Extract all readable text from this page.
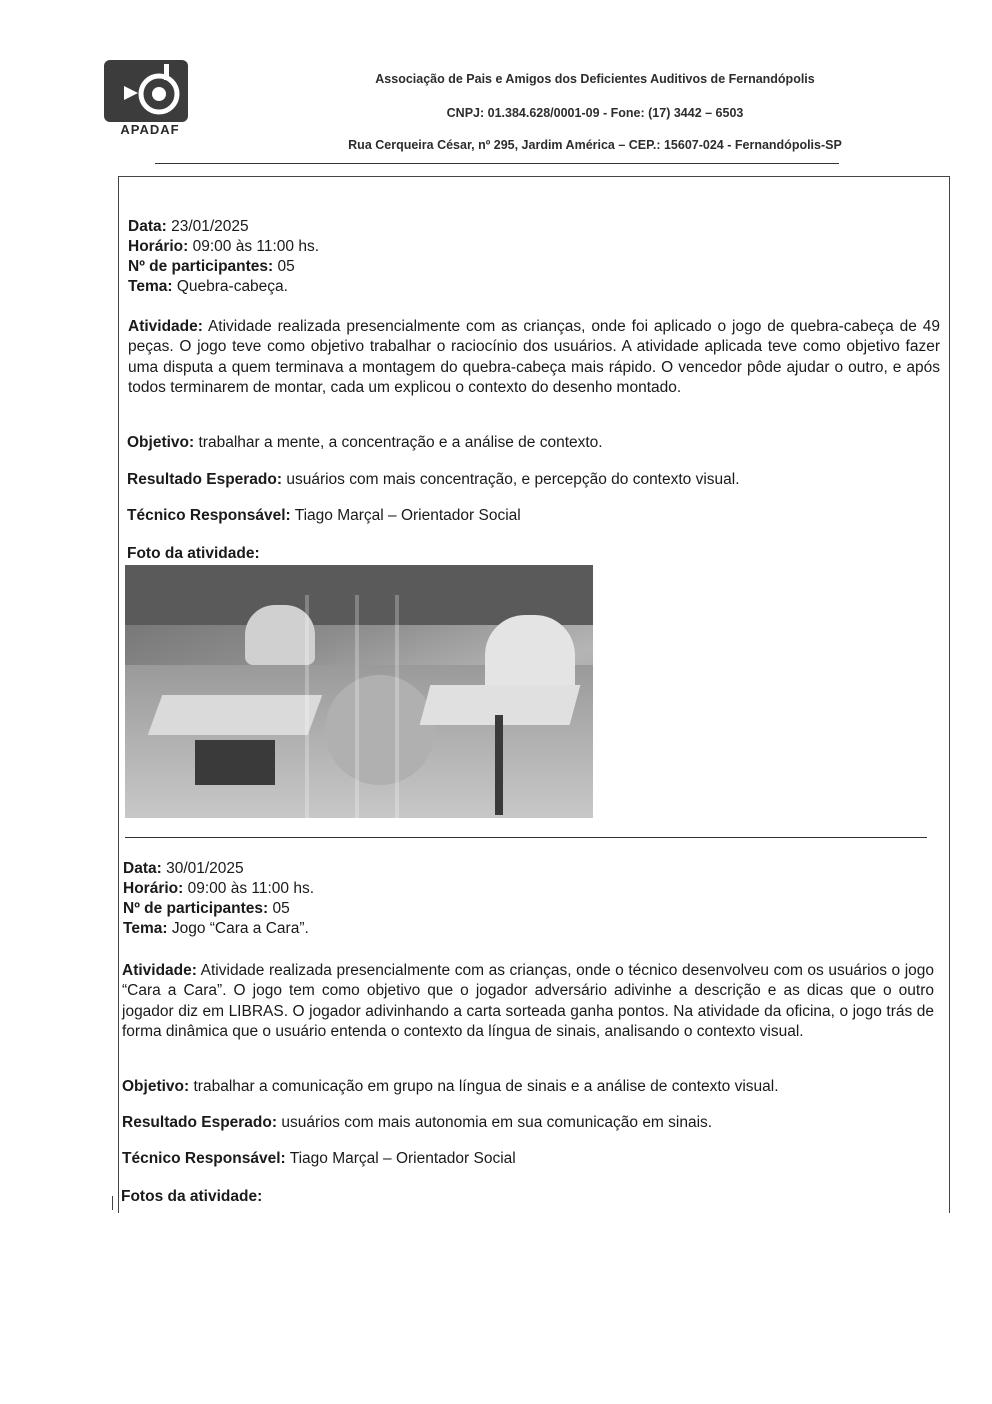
APADAF
Associação de Pais e Amigos dos Deficientes Auditivos de Fernandópolis
CNPJ: 01.384.628/0001-09 - Fone: (17) 3442 – 6503
Rua Cerqueira César, nº 295, Jardim América – CEP.: 15607-024 - Fernandópolis-SP
Data: 23/01/2025
Horário: 09:00 às 11:00 hs.
Nº de participantes: 05
Tema: Quebra-cabeça.
Atividade: Atividade realizada presencialmente com as crianças, onde foi aplicado o jogo de quebra-cabeça de 49 peças. O jogo teve como objetivo trabalhar o raciocínio dos usuários. A atividade aplicada teve como objetivo fazer uma disputa a quem terminava a montagem do quebra-cabeça mais rápido. O vencedor pôde ajudar o outro, e após todos terminarem de montar, cada um explicou o contexto do desenho montado.
Objetivo: trabalhar a mente, a concentração e a análise de contexto.
Resultado Esperado: usuários com mais concentração, e percepção do contexto visual.
Técnico Responsável: Tiago Marçal – Orientador Social
Foto da atividade:
Data: 30/01/2025
Horário: 09:00 às 11:00 hs.
Nº de participantes: 05
Tema: Jogo “Cara a Cara”.
Atividade: Atividade realizada presencialmente com as crianças, onde o técnico desenvolveu com os usuários o jogo “Cara a Cara”. O jogo tem como objetivo que o jogador adversário adivinhe a descrição e as dicas que o outro jogador diz em LIBRAS. O jogador adivinhando a carta sorteada ganha pontos. Na atividade da oficina, o jogo trás de forma dinâmica que o usuário entenda o contexto da língua de sinais, analisando o contexto visual.
Objetivo: trabalhar a comunicação em grupo na língua de sinais e a análise de contexto visual.
Resultado Esperado: usuários com mais autonomia em sua comunicação em sinais.
Técnico Responsável: Tiago Marçal – Orientador Social
Fotos da atividade:
